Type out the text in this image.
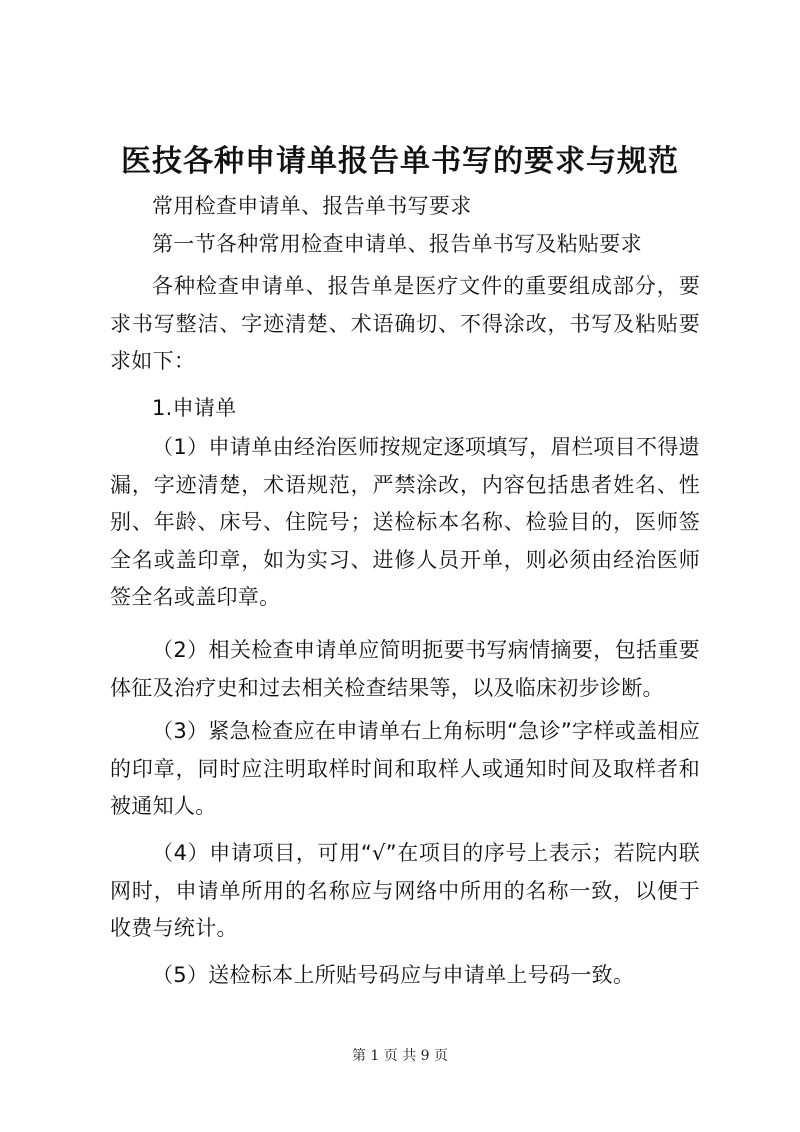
医技各种申请单报告单书写的要求与规范
常用检查申请单、报告单书写要求
第一节各种常用检查申请单、报告单书写及粘贴要求
各种检查申请单、报告单是医疗文件的重要组成部分，要求书写整洁、字迹清楚、术语确切、不得涂改，书写及粘贴要求如下：
1.申请单
（1）申请单由经治医师按规定逐项填写，眉栏项目不得遗漏，字迹清楚，术语规范，严禁涂改，内容包括患者姓名、性别、年龄、床号、住院号；送检标本名称、检验目的，医师签全名或盖印章，如为实习、进修人员开单，则必须由经治医师签全名或盖印章。
（2）相关检查申请单应简明扼要书写病情摘要，包括重要体征及治疗史和过去相关检查结果等，以及临床初步诊断。
（3）紧急检查应在申请单右上角标明“急诊”字样或盖相应的印章，同时应注明取样时间和取样人或通知时间及取样者和被通知人。
（4）申请项目，可用“√”在项目的序号上表示；若院内联网时，申请单所用的名称应与网络中所用的名称一致，以便于收费与统计。
（5）送检标本上所贴号码应与申请单上号码一致。
第 1 页 共 9 页
